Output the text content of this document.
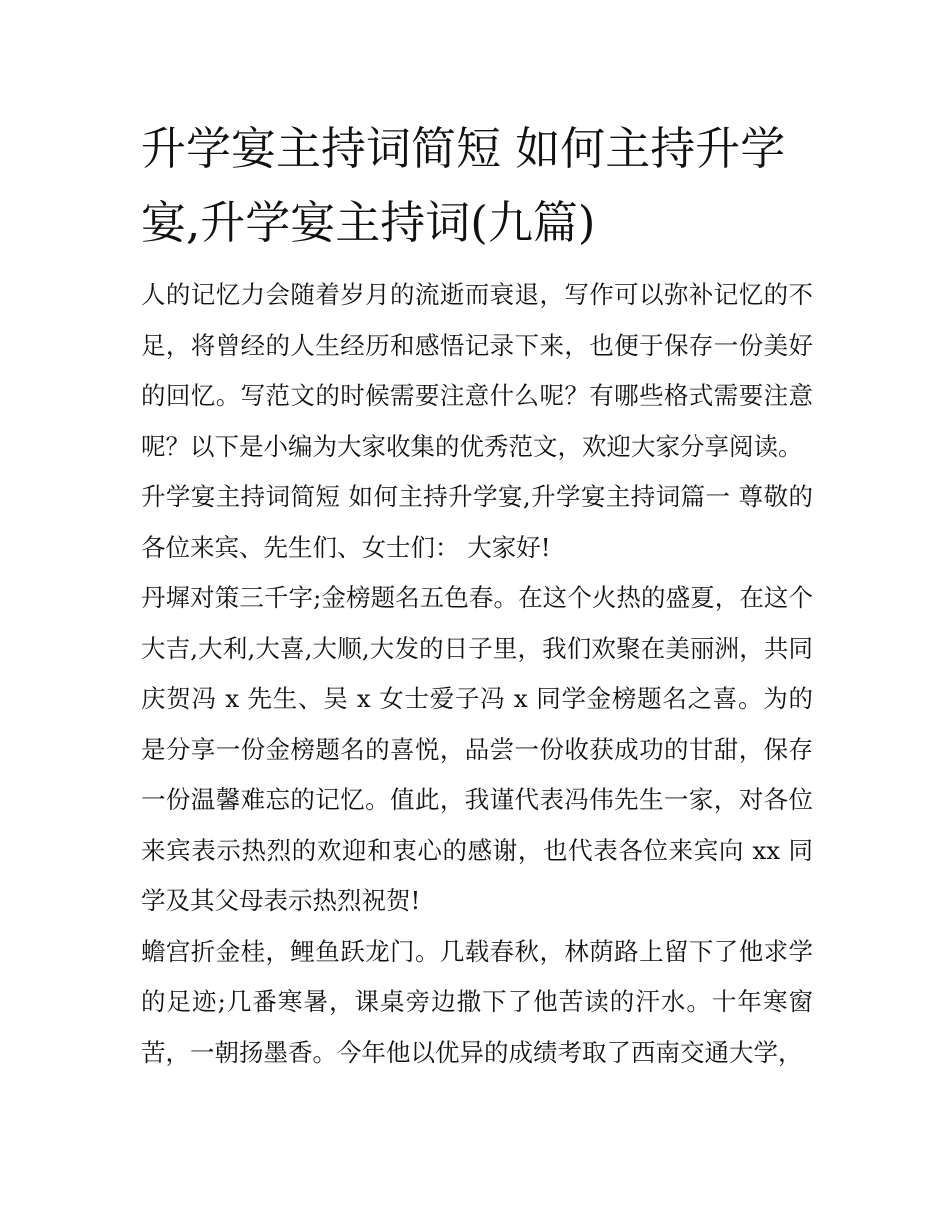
升学宴主持词简短 如何主持升学宴,升学宴主持词(九篇)

人的记忆力会随着岁月的流逝而衰退，写作可以弥补记忆的不足，将曾经的人生经历和感悟记录下来，也便于保存一份美好的回忆。写范文的时候需要注意什么呢？有哪些格式需要注意呢？以下是小编为大家收集的优秀范文，欢迎大家分享阅读。

升学宴主持词简短 如何主持升学宴,升学宴主持词篇一 尊敬的各位来宾、先生们、女士们： 大家好!

丹墀对策三千字;金榜题名五色春。在这个火热的盛夏，在这个大吉,大利,大喜,大顺,大发的日子里，我们欢聚在美丽洲，共同庆贺冯 x 先生、吴 x 女士爱子冯 x 同学金榜题名之喜。为的是分享一份金榜题名的喜悦，品尝一份收获成功的甘甜，保存一份温馨难忘的记忆。值此，我谨代表冯伟先生一家，对各位来宾表示热烈的欢迎和衷心的感谢，也代表各位来宾向 xx 同学及其父母表示热烈祝贺!

蟾宫折金桂，鲤鱼跃龙门。几载春秋，林荫路上留下了他求学的足迹;几番寒暑，课桌旁边撒下了他苦读的汗水。十年寒窗苦，一朝扬墨香。今年他以优异的成绩考取了西南交通大学，
